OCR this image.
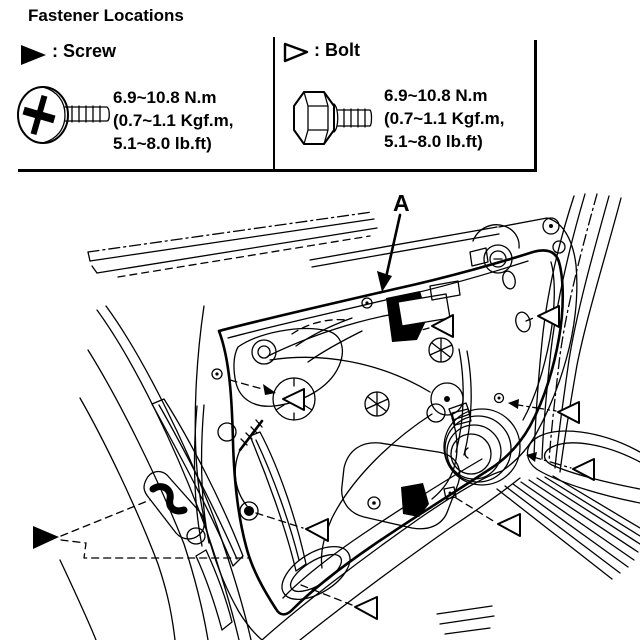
Fastener Locations
: Screw
6.9~10.8 N.m
(0.7~1.1 Kgf.m,
5.1~8.0 lb.ft)
: Bolt
6.9~10.8 N.m
(0.7~1.1 Kgf.m,
5.1~8.0 lb.ft)
A
